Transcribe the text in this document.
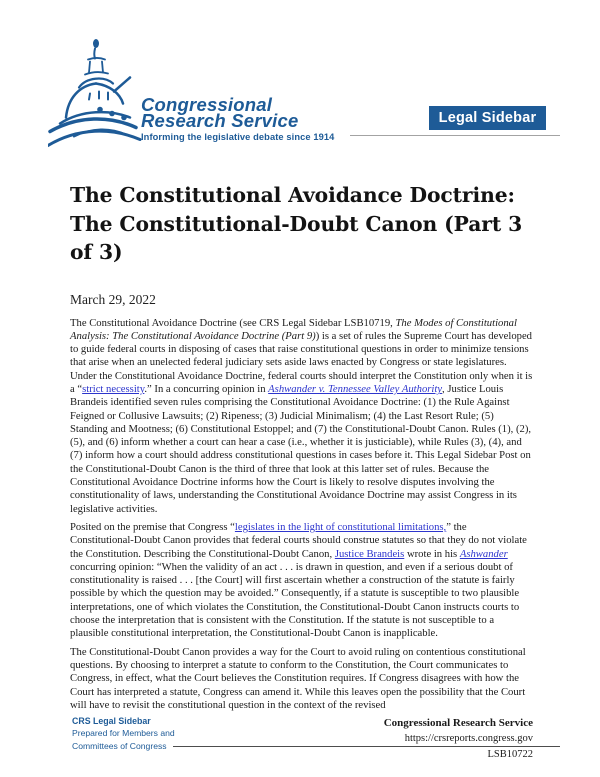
Congressional
Research Service
Informing the legislative debate since 1914
Legal Sidebar
The Constitutional Avoidance Doctrine: The Constitutional-Doubt Canon (Part 3 of 3)
March 29, 2022

The Constitutional Avoidance Doctrine (see CRS Legal Sidebar LSB10719, The Modes of Constitutional Analysis: The Constitutional Avoidance Doctrine (Part 9)) is a set of rules the Supreme Court has developed to guide federal courts in disposing of cases that raise constitutional questions in order to minimize tensions that arise when an unelected federal judiciary sets aside laws enacted by Congress or state legislatures. Under the Constitutional Avoidance Doctrine, federal courts should interpret the Constitution only when it is a “strict necessity.” In a concurring opinion in Ashwander v. Tennessee Valley Authority, Justice Louis Brandeis identified seven rules comprising the Constitutional Avoidance Doctrine: (1) the Rule Against Feigned or Collusive Lawsuits; (2) Ripeness; (3) Judicial Minimalism; (4) the Last Resort Rule; (5) Standing and Mootness; (6) Constitutional Estoppel; and (7) the Constitutional-Doubt Canon. Rules (1), (2), (5), and (6) inform whether a court can hear a case (i.e., whether it is justiciable), while Rules (3), (4), and (7) inform how a court should address constitutional questions in cases before it. This Legal Sidebar Post on the Constitutional-Doubt Canon is the third of three that look at this latter set of rules. Because the Constitutional Avoidance Doctrine informs how the Court is likely to resolve disputes involving the constitutionality of laws, understanding the Constitutional Avoidance Doctrine may assist Congress in its legislative activities.

Posited on the premise that Congress “legislates in the light of constitutional limitations,” the Constitutional-Doubt Canon provides that federal courts should construe statutes so that they do not violate the Constitution. Describing the Constitutional-Doubt Canon, Justice Brandeis wrote in his Ashwander concurring opinion: “When the validity of an act . . . is drawn in question, and even if a serious doubt of constitutionality is raised . . . [the Court] will first ascertain whether a construction of the statute is fairly possible by which the question may be avoided.” Consequently, if a statute is susceptible to two plausible interpretations, one of which violates the Constitution, the Constitutional-Doubt Canon instructs courts to choose the interpretation that is consistent with the Constitution. If the statute is not susceptible to a plausible constitutional interpretation, the Constitutional-Doubt Canon is inapplicable.

The Constitutional-Doubt Canon provides a way for the Court to avoid ruling on contentious constitutional questions. By choosing to interpret a statute to conform to the Constitution, the Court communicates to Congress, in effect, what the Court believes the Constitution requires. If Congress disagrees with how the Court has interpreted a statute, Congress can amend it. While this leaves open the possibility that the Court will have to revisit the constitutional question in the context of the revised

Congressional Research Service
https://crsreports.congress.gov
LSB10722
CRS Legal Sidebar
Prepared for Members and
Committees of Congress
